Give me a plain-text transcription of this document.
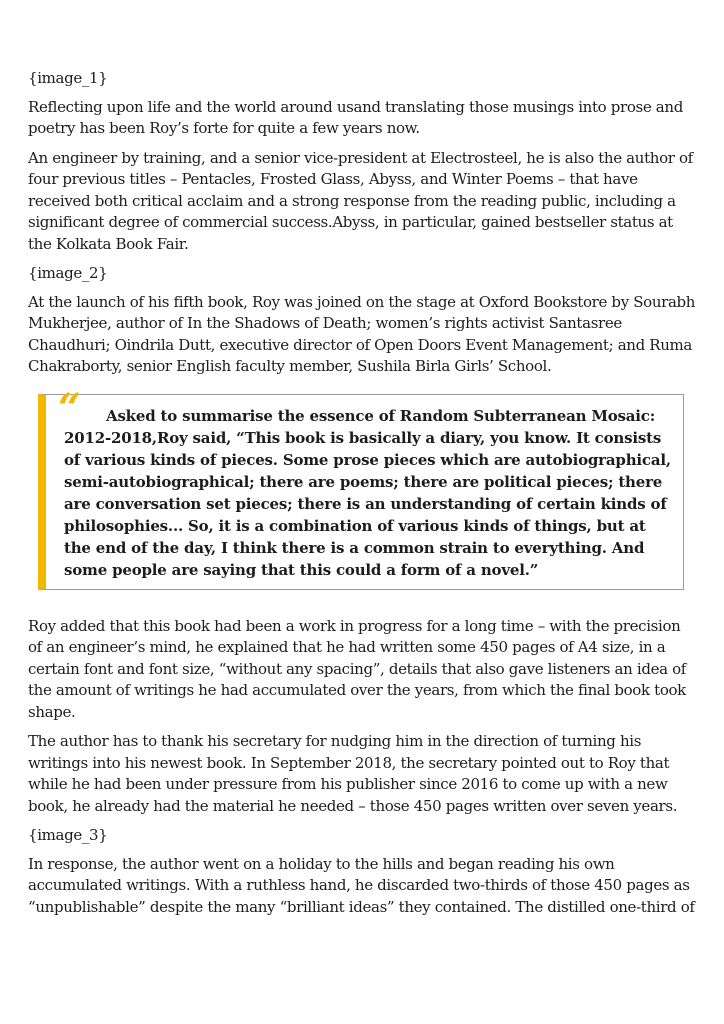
{image_1}

Reflecting upon life and the world around usand translating those musings into prose and poetry has been Roy’s forte for quite a few years now.

An engineer by training, and a senior vice-president at Electrosteel, he is also the author of four previous titles – Pentacles, Frosted Glass, Abyss, and Winter Poems – that have received both critical acclaim and a strong response from the reading public, including a significant degree of commercial success.Abyss, in particular, gained bestseller status at the Kolkata Book Fair.

{image_2}

At the launch of his fifth book, Roy was joined on the stage at Oxford Bookstore by Sourabh Mukherjee, author of In the Shadows of Death; women’s rights activist Santasree Chaudhuri; Oindrila Dutt, executive director of Open Doors Event Management; and Ruma Chakraborty, senior English faculty member, Sushila Birla Girls’ School.

“	Asked to summarise the essence of Random Subterranean Mosaic: 2012-2018,Roy said, “This book is basically a diary, you know. It consists of various kinds of pieces. Some prose pieces which are autobiographical, semi-autobiographical; there are poems; there are political pieces; there are conversation set pieces; there is an understanding of certain kinds of philosophies... So, it is a combination of various kinds of things, but at the end of the day, I think there is a common strain to everything. And some people are saying that this could a form of a novel.”

Roy added that this book had been a work in progress for a long time – with the precision of an engineer’s mind, he explained that he had written some 450 pages of A4 size, in a certain font and font size, “without any spacing”, details that also gave listeners an idea of the amount of writings he had accumulated over the years, from which the final book took shape.

The author has to thank his secretary for nudging him in the direction of turning his writings into his newest book. In September 2018, the secretary pointed out to Roy that while he had been under pressure from his publisher since 2016 to come up with a new book, he already had the material he needed – those 450 pages written over seven years.

{image_3}

In response, the author went on a holiday to the hills and began reading his own accumulated writings. With a ruthless hand, he discarded two-thirds of those 450 pages as “unpublishable” despite the many “brilliant ideas” they contained. The distilled one-third of
